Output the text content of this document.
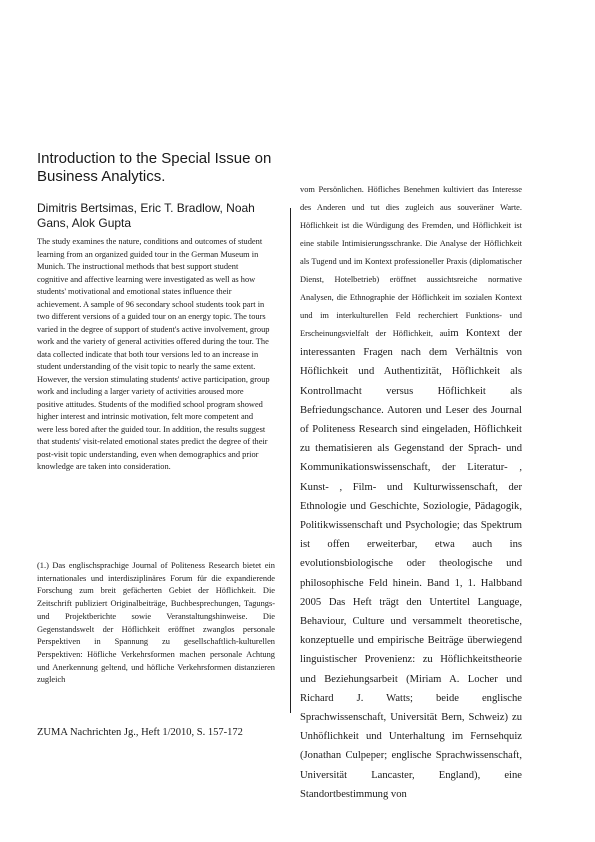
Introduction to the Special Issue on Business Analytics.
Dimitris Bertsimas, Eric T. Bradlow, Noah Gans, Alok Gupta

The study examines the nature, conditions and outcomes of student learning from an organized guided tour in the German Museum in Munich. The instructional methods that best support student cognitive and affective learning were investigated as well as how students' motivational and emotional states influence their achievement. A sample of 96 secondary school students took part in two different versions of a guided tour on an energy topic. The tours varied in the degree of support of student's active involvement, group work and the variety of general activities offered during the tour. The data collected indicate that both tour versions led to an increase in student understanding of the visit topic to nearly the same extent. However, the version stimulating students' active participation, group work and including a larger variety of activities aroused more positive attitudes. Students of the modified school program showed higher interest and intrinsic motivation, felt more competent and were less bored after the guided tour. In addition, the results suggest that students' visit-related emotional states predict the degree of their post-visit topic understanding, even when demographics and prior knowledge are taken into consideration.

(1.) Das englischsprachige Journal of Politeness Research bietet ein internationales und interdisziplinäres Forum für die expandierende Forschung zum breit gefächerten Gebiet der Höflichkeit. Die Zeitschrift publiziert Originalbeiträge, Buchbesprechungen, Tagungs- und Projektberichte sowie Veranstaltungshinweise. Die Gegenstandswelt der Höflichkeit eröffnet zwanglos personale Perspektiven in Spannung zu gesellschaftlich-kulturellen Perspektiven: Höfliche Verkehrsformen machen personale Achtung und Anerkennung geltend, und höfliche Verkehrsformen distanzieren zugleich

ZUMA Nachrichten Jg., Heft 1/2010, S. 157-172

vom Persönlichen. Höfliches Benehmen kultiviert das Interesse des Anderen und tut dies zugleich aus souveräner Warte. Höflichkeit ist die Würdigung des Fremden, und Höflichkeit ist eine stabile Intimisierungsschranke. Die Analyse der Höflichkeit als Tugend und im Kontext professioneller Praxis (diplomatischer Dienst, Hotelbetrieb) eröffnet aussichtsreiche normative Analysen, die Ethnographie der Höflichkeit im sozialen Kontext und im interkulturellen Feld recherchiert Funktions- und Erscheinungsvielfalt der Höflichkeit, auim Kontext der interessanten Fragen nach dem Verhältnis von Höflichkeit und Authentizität, Höflichkeit als Kontrollmacht versus Höflichkeit als Befriedungschance. Autoren und Leser des Journal of Politeness Research sind eingeladen, Höflichkeit zu thematisieren als Gegenstand der Sprach- und Kommunikationswissenschaft, der Literatur- , Kunst- , Film- und Kulturwissenschaft, der Ethnologie und Geschichte, Soziologie, Pädagogik, Politikwissenschaft und Psychologie; das Spektrum ist offen erweiterbar, etwa auch ins evolutionsbiologische oder theologische und philosophische Feld hinein. Band 1, 1. Halbband 2005 Das Heft trägt den Untertitel Language, Behaviour, Culture und versammelt theoretische, konzeptuelle und empirische Beiträge überwiegend linguistischer Provenienz: zu Höflichkeitstheorie und Beziehungsarbeit (Miriam A. Locher und Richard J. Watts; beide englische Sprachwissenschaft, Universität Bern, Schweiz) zu Unhöflichkeit und Unterhaltung im Fernsehquiz (Jonathan Culpeper; englische Sprachwissenschaft, Universität Lancaster, England), eine Standortbestimmung von
